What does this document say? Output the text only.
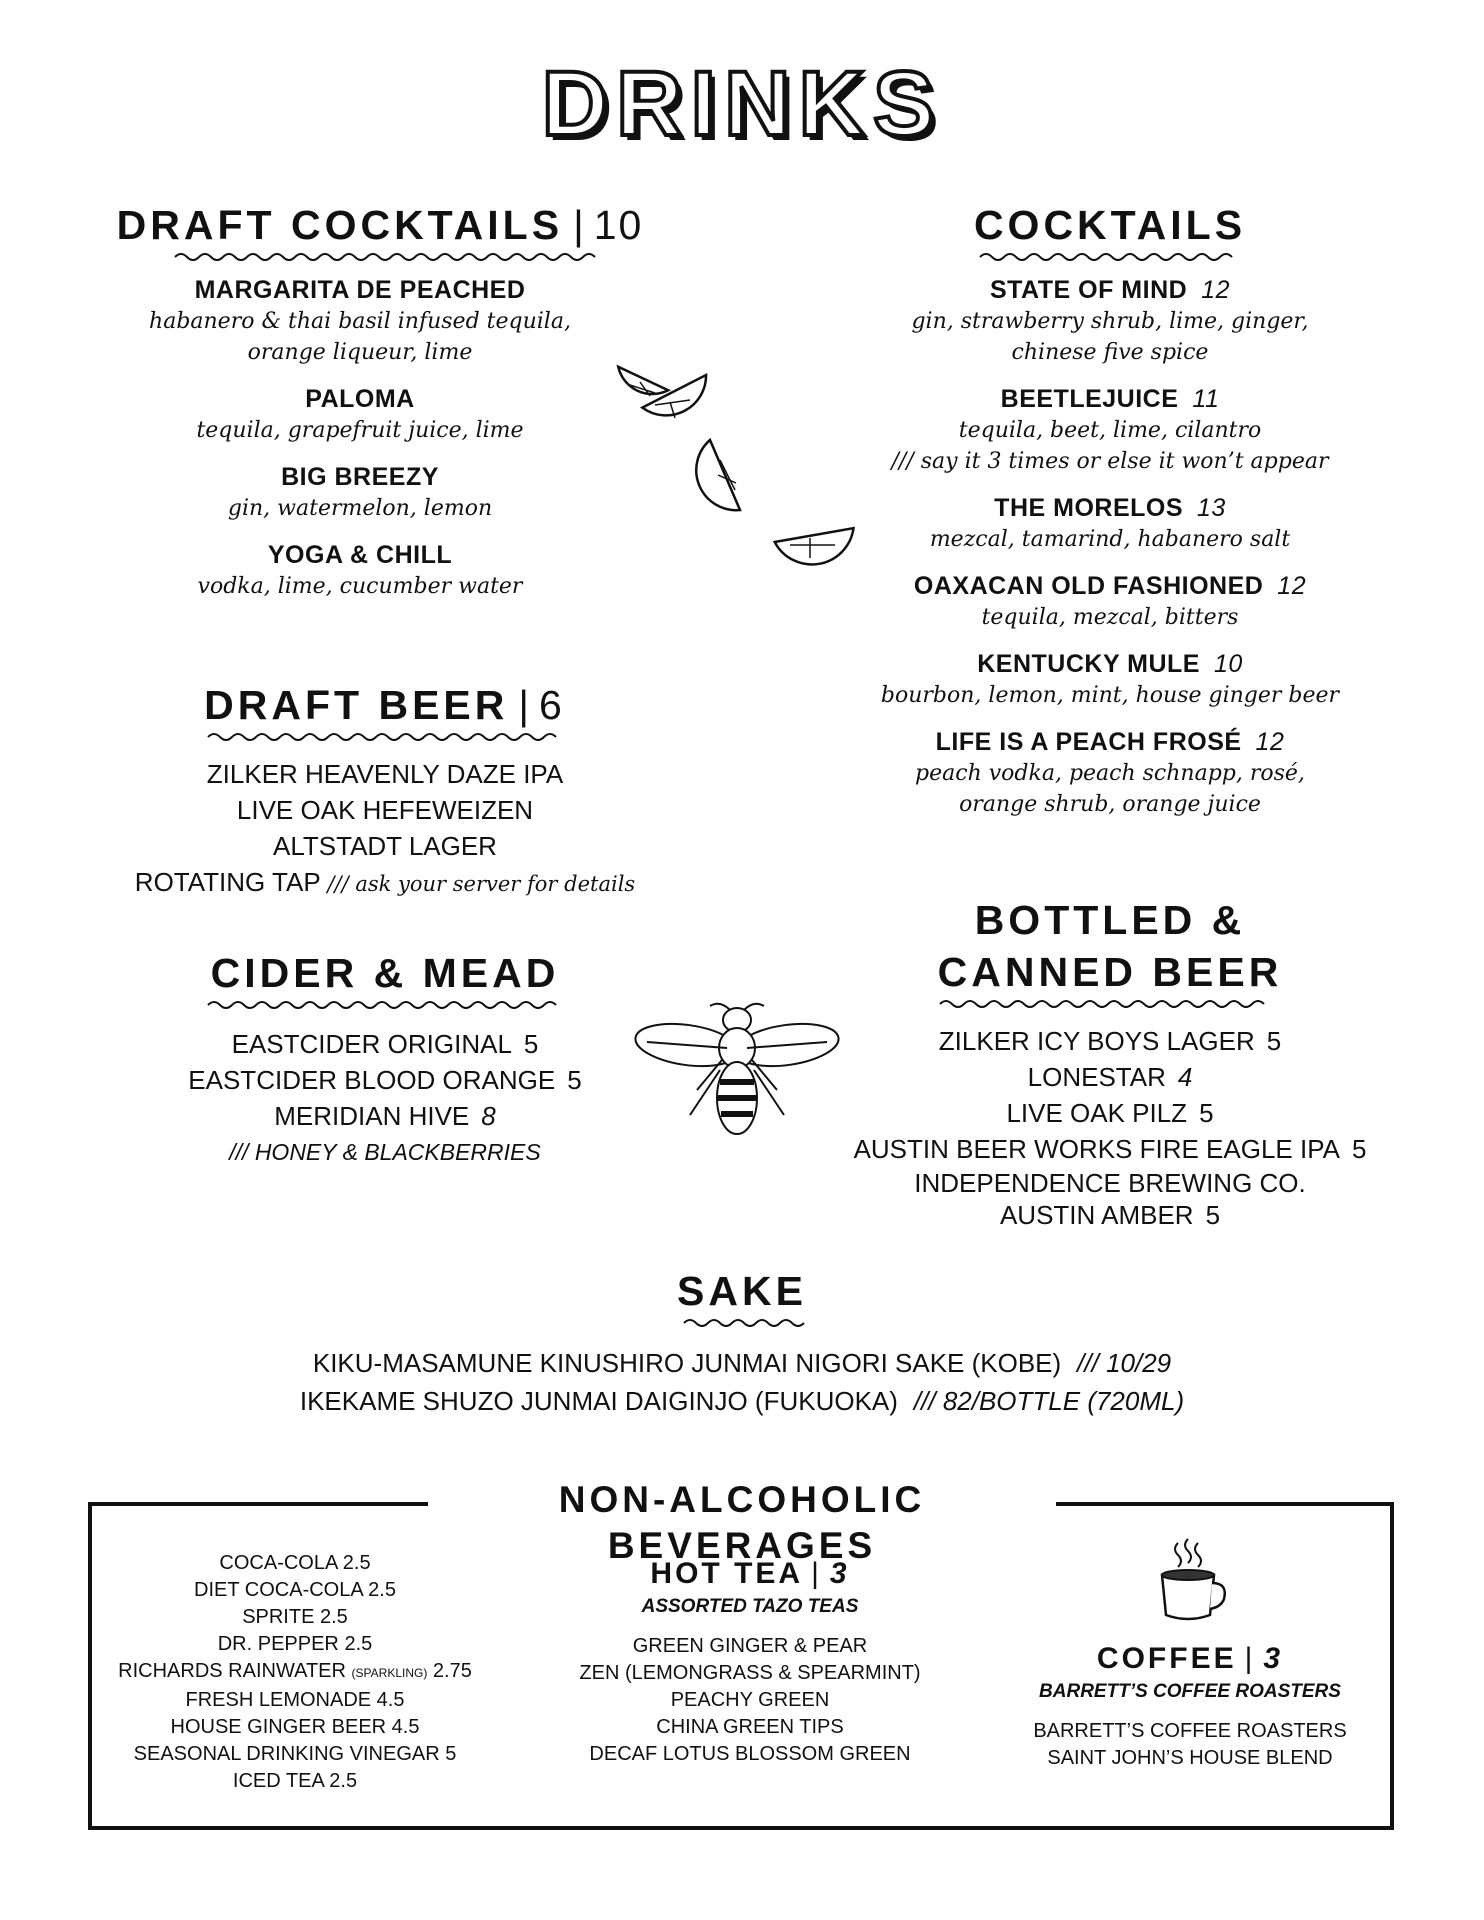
DRINKS
DRAFT COCKTAILS | 10
MARGARITA DE PEACHED
habanero & thai basil infused tequila,
orange liqueur, lime
PALOMA
tequila, grapefruit juice, lime
BIG BREEZY
gin, watermelon, lemon
YOGA & CHILL
vodka, lime, cucumber water
COCKTAILS
STATE OF MIND 12
gin, strawberry shrub, lime, ginger,
chinese five spice
BEETLEJUICE 11
tequila, beet, lime, cilantro
/// say it 3 times or else it won’t appear
THE MORELOS 13
mezcal, tamarind, habanero salt
OAXACAN OLD FASHIONED 12
tequila, mezcal, bitters
KENTUCKY MULE 10
bourbon, lemon, mint, house ginger beer
LIFE IS A PEACH FROSÉ 12
peach vodka, peach schnapp, rosé,
orange shrub, orange juice
DRAFT BEER | 6
ZILKER HEAVENLY DAZE IPA
LIVE OAK HEFEWEIZEN
ALTSTADT LAGER
ROTATING TAP /// ask your server for details
CIDER & MEAD
EASTCIDER ORIGINAL 5
EASTCIDER BLOOD ORANGE 5
MERIDIAN HIVE 8
/// HONEY & BLACKBERRIES
BOTTLED &
CANNED BEER
ZILKER ICY BOYS LAGER 5
LONESTAR 4
LIVE OAK PILZ 5
AUSTIN BEER WORKS FIRE EAGLE IPA 5
INDEPENDENCE BREWING CO.
AUSTIN AMBER 5
SAKE
KIKU-MASAMUNE KINUSHIRO JUNMAI NIGORI SAKE (KOBE) /// 10/29
IKEKAME SHUZO JUNMAI DAIGINJO (FUKUOKA) /// 82/BOTTLE (720ML)
NON-ALCOHOLIC BEVERAGES
COCA-COLA 2.5
DIET COCA-COLA 2.5
SPRITE 2.5
DR. PEPPER 2.5
RICHARDS RAINWATER (SPARKLING) 2.75
FRESH LEMONADE 4.5
HOUSE GINGER BEER 4.5
SEASONAL DRINKING VINEGAR 5
ICED TEA 2.5
HOT TEA | 3
ASSORTED TAZO TEAS
GREEN GINGER & PEAR
ZEN (LEMONGRASS & SPEARMINT)
PEACHY GREEN
CHINA GREEN TIPS
DECAF LOTUS BLOSSOM GREEN
COFFEE | 3
BARRETT’S COFFEE ROASTERS
BARRETT’S COFFEE ROASTERS
SAINT JOHN’S HOUSE BLEND
